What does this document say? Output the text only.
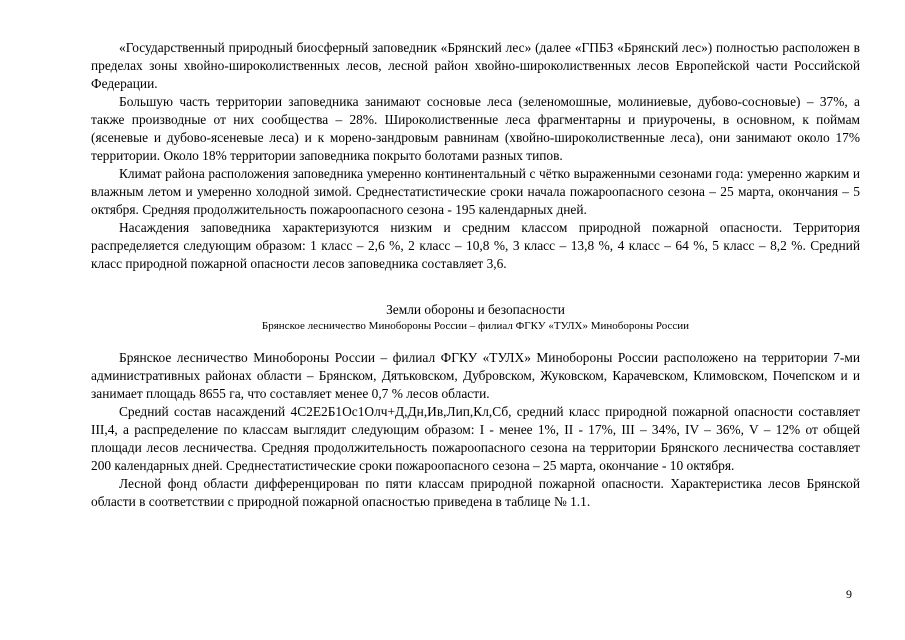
«Государственный природный биосферный заповедник «Брянский лес» (далее «ГПБЗ «Брянский лес») полностью расположен в пределах зоны хвойно-широколиственных лесов, лесной район хвойно-широколиственных лесов Европейской части Российской Федерации.

Большую часть территории заповедника занимают сосновые леса (зеленомошные, молиниевые, дубово-сосновые) – 37%, а также производные от них сообщества – 28%. Широколиственные леса фрагментарны и приурочены, в основном, к поймам (ясеневые и дубово-ясеневые леса) и к морено-зандровым равнинам (хвойно-широколиственные леса), они занимают около 17% территории. Около 18% территории заповедника покрыто болотами разных типов.

Климат района расположения заповедника умеренно континентальный с чётко выраженными сезонами года: умеренно жарким и влажным летом и умеренно холодной зимой. Среднестатистические сроки начала пожароопасного сезона – 25 марта, окончания – 5 октября. Средняя продолжительность пожароопасного сезона - 195 календарных дней.

Насаждения заповедника характеризуются низким и средним классом природной пожарной опасности. Территория распределяется следующим образом: 1 класс – 2,6 %, 2 класс – 10,8 %, 3 класс – 13,8 %, 4 класс – 64 %, 5 класс – 8,2 %. Средний класс природной пожарной опасности лесов заповедника составляет 3,6.

Земли обороны и безопасности
Брянское лесничество Минобороны России – филиал ФГКУ «ТУЛХ» Минобороны России

Брянское лесничество Минобороны России – филиал ФГКУ «ТУЛХ» Минобороны России расположено на территории 7-ми административных районах области – Брянском, Дятьковском, Дубровском, Жуковском, Карачевском, Климовском, Почепском и и занимает площадь 8655 га, что составляет менее 0,7 % лесов области.

Средний состав насаждений 4С2Е2Б1Ос1Олч+Д,Дн,Ив,Лип,Кл,Сб, средний класс природной пожарной опасности составляет III,4, а распределение по классам выглядит следующим образом: I - менее 1%, II - 17%, III – 34%, IV – 36%, V – 12% от общей площади лесов лесничества. Средняя продолжительность пожароопасного сезона на территории Брянского лесничества составляет 200 календарных дней. Среднестатистические сроки пожароопасного сезона – 25 марта, окончание - 10 октября.

Лесной фонд области дифференцирован по пяти классам природной пожарной опасности. Характеристика лесов Брянской области в соответствии с природной пожарной опасностью приведена в таблице № 1.1.

9
